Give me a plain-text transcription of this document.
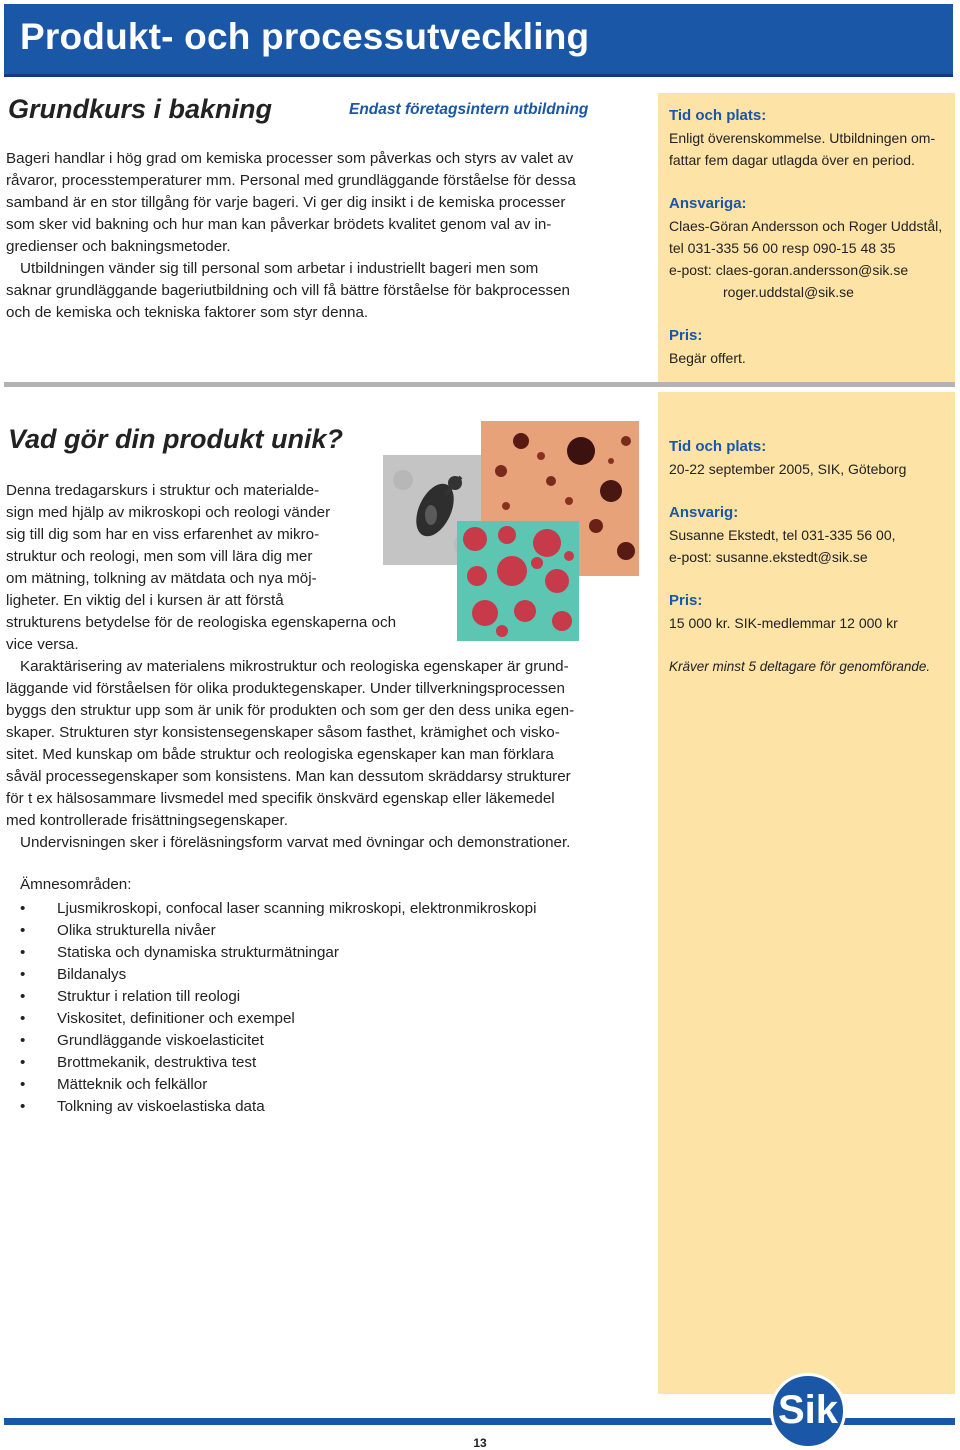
Produkt- och processutveckling
Grundkurs i bakning	Endast företagsintern utbildning

Bageri handlar i hög grad om kemiska processer som påverkas och styrs av valet av

råvaror, processtemperaturer mm. Personal med grundläggande förståelse för dessa

samband är en stor tillgång för varje bageri. Vi ger dig insikt i de kemiska processer

som sker vid bakning och hur man kan påverkar brödets kvalitet genom val av in-

gredienser och bakningsmetoder.

Utbildningen vänder sig till personal som arbetar i industriellt bageri men som

saknar grundläggande bageriutbildning och vill få bättre förståelse för bakprocessen

och de kemiska och tekniska faktorer som styr denna.

Tid och plats:

Enligt överenskommelse. Utbildningen om-

fattar fem dagar utlagda över en period.

Ansvariga:

Claes-Göran Andersson och Roger Uddstål,

tel 031-335 56 00 resp 090-15 48 35

e-post: claes-goran.andersson@sik.se

roger.uddstal@sik.se

Pris:

Begär offert.

Vad gör din produkt unik?

Denna tredagarskurs i struktur och materialde-

sign med hjälp av mikroskopi och reologi vänder

sig till dig som har en viss erfarenhet av mikro-

struktur och reologi, men som vill lära dig mer

om mätning, tolkning av mätdata och nya möj-

ligheter. En viktig del i kursen är att förstå

strukturens betydelse för de reologiska egenskaperna och

vice versa.

Karaktärisering av materialens mikrostruktur och reologiska egenskaper är grund-

läggande vid förståelsen för olika produktegenskaper. Under tillverkningsprocessen

byggs den struktur upp som är unik för produkten och som ger den dess unika egen-

skaper. Strukturen styr konsistensegenskaper såsom fasthet, krämighet och visko-

sitet. Med kunskap om både struktur och reologiska egenskaper kan man förklara

såväl processegenskaper som konsistens. Man kan dessutom skräddarsy strukturer

för t ex hälsosammare livsmedel med specifik önskvärd egenskap eller läkemedel

med kontrollerade frisättningsegenskaper.

Undervisningen sker i föreläsningsform varvat med övningar och demonstrationer.

Ämnesområden:
• Ljusmikroskopi, confocal laser scanning mikroskopi, elektronmikroskopi
• Olika strukturella nivåer
• Statiska och dynamiska strukturmätningar
• Bildanalys
• Struktur i relation till reologi
• Viskositet, definitioner och exempel
• Grundläggande viskoelasticitet
• Brottmekanik, destruktiva test
• Mätteknik och felkällor
• Tolkning av viskoelastiska data

Tid och plats:

20-22 september 2005, SIK, Göteborg

Ansvarig:

Susanne Ekstedt, tel 031-335 56 00,

e-post: susanne.ekstedt@sik.se

Pris:

15 000 kr. SIK-medlemmar 12 000 kr

Kräver minst 5 deltagare för genomförande.

Sik
13
